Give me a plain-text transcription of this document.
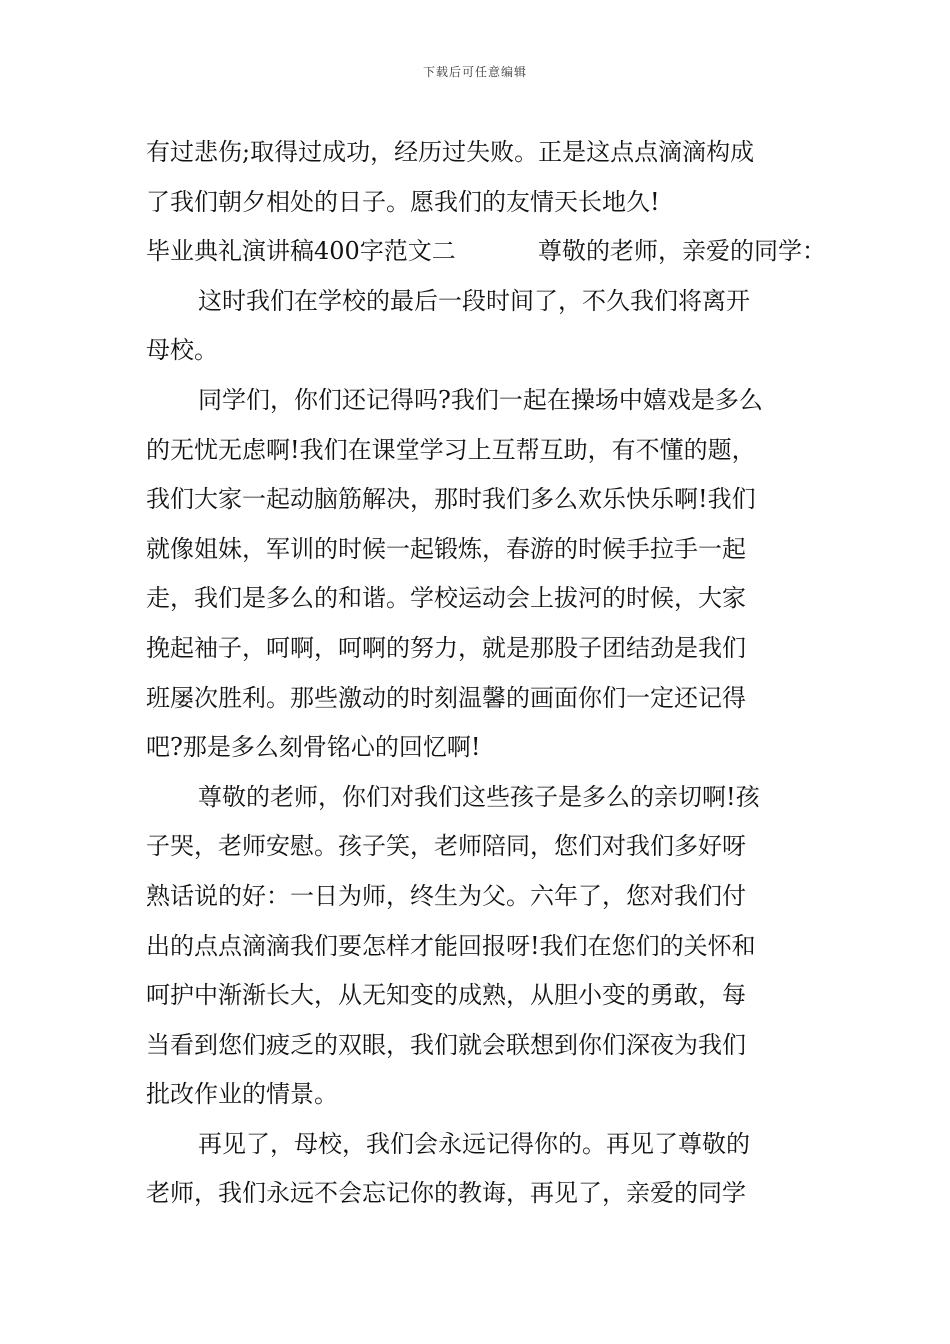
下载后可任意编辑
有过悲伤;取得过成功，经历过失败。正是这点点滴滴构成
了我们朝夕相处的日子。愿我们的友情天长地久!
毕业典礼演讲稿400字范文二	尊敬的老师，亲爱的同学：
这时我们在学校的最后一段时间了，不久我们将离开
母校。
同学们，你们还记得吗?我们一起在操场中嬉戏是多么
的无忧无虑啊!我们在课堂学习上互帮互助，有不懂的题，
我们大家一起动脑筋解决，那时我们多么欢乐快乐啊!我们
就像姐妹，军训的时候一起锻炼，春游的时候手拉手一起
走，我们是多么的和谐。学校运动会上拔河的时候，大家
挽起袖子，呵啊，呵啊的努力，就是那股子团结劲是我们
班屡次胜利。那些激动的时刻温馨的画面你们一定还记得
吧?那是多么刻骨铭心的回忆啊!
尊敬的老师，你们对我们这些孩子是多么的亲切啊!孩
子哭，老师安慰。孩子笑，老师陪同，您们对我们多好呀
熟话说的好：一日为师，终生为父。六年了，您对我们付
出的点点滴滴我们要怎样才能回报呀!我们在您们的关怀和
呵护中渐渐长大，从无知变的成熟，从胆小变的勇敢，每
当看到您们疲乏的双眼，我们就会联想到你们深夜为我们
批改作业的情景。
再见了，母校，我们会永远记得你的。再见了尊敬的
老师，我们永远不会忘记你的教诲，再见了，亲爱的同学
